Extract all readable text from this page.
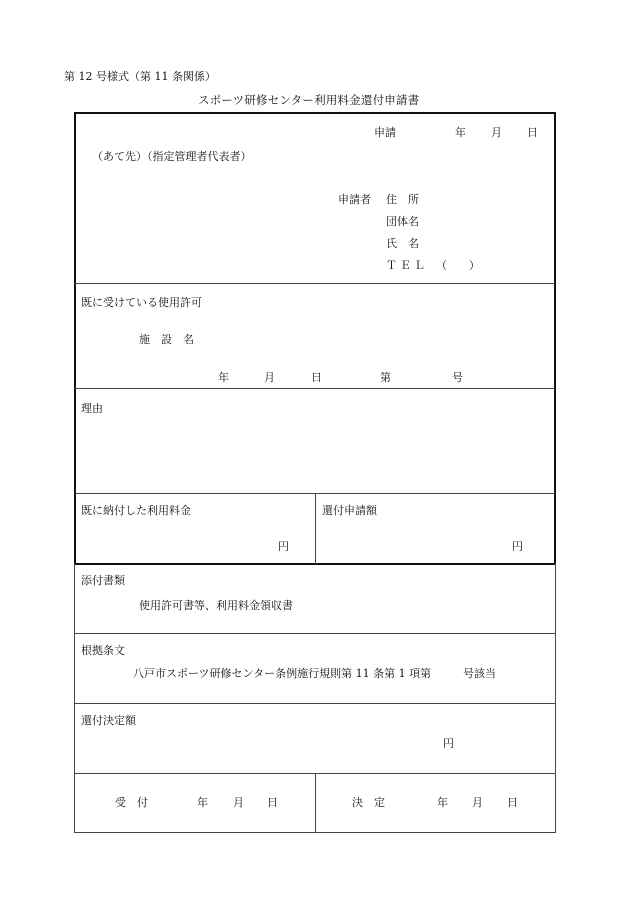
第 12 号様式（第 11 条関係）
スポーツ研修センター利用料金還付申請書
申請	年 月 日
（あて先）（指定管理者代表者）
申請者 住　所
団体名
氏　名
ＴＥＬ （　　）
既に受けている使用許可
施　設　名
年	月	日	第	号
理由
既に納付した利用料金
円
還付申請額
円
添付書類
使用許可書等、利用料金領収書
根拠条文
八戸市スポーツ研修センター条例施行規則第 11 条第 1 項第	号該当
還付決定額
円
受　付	年 月 日	決　定	年 月 日
